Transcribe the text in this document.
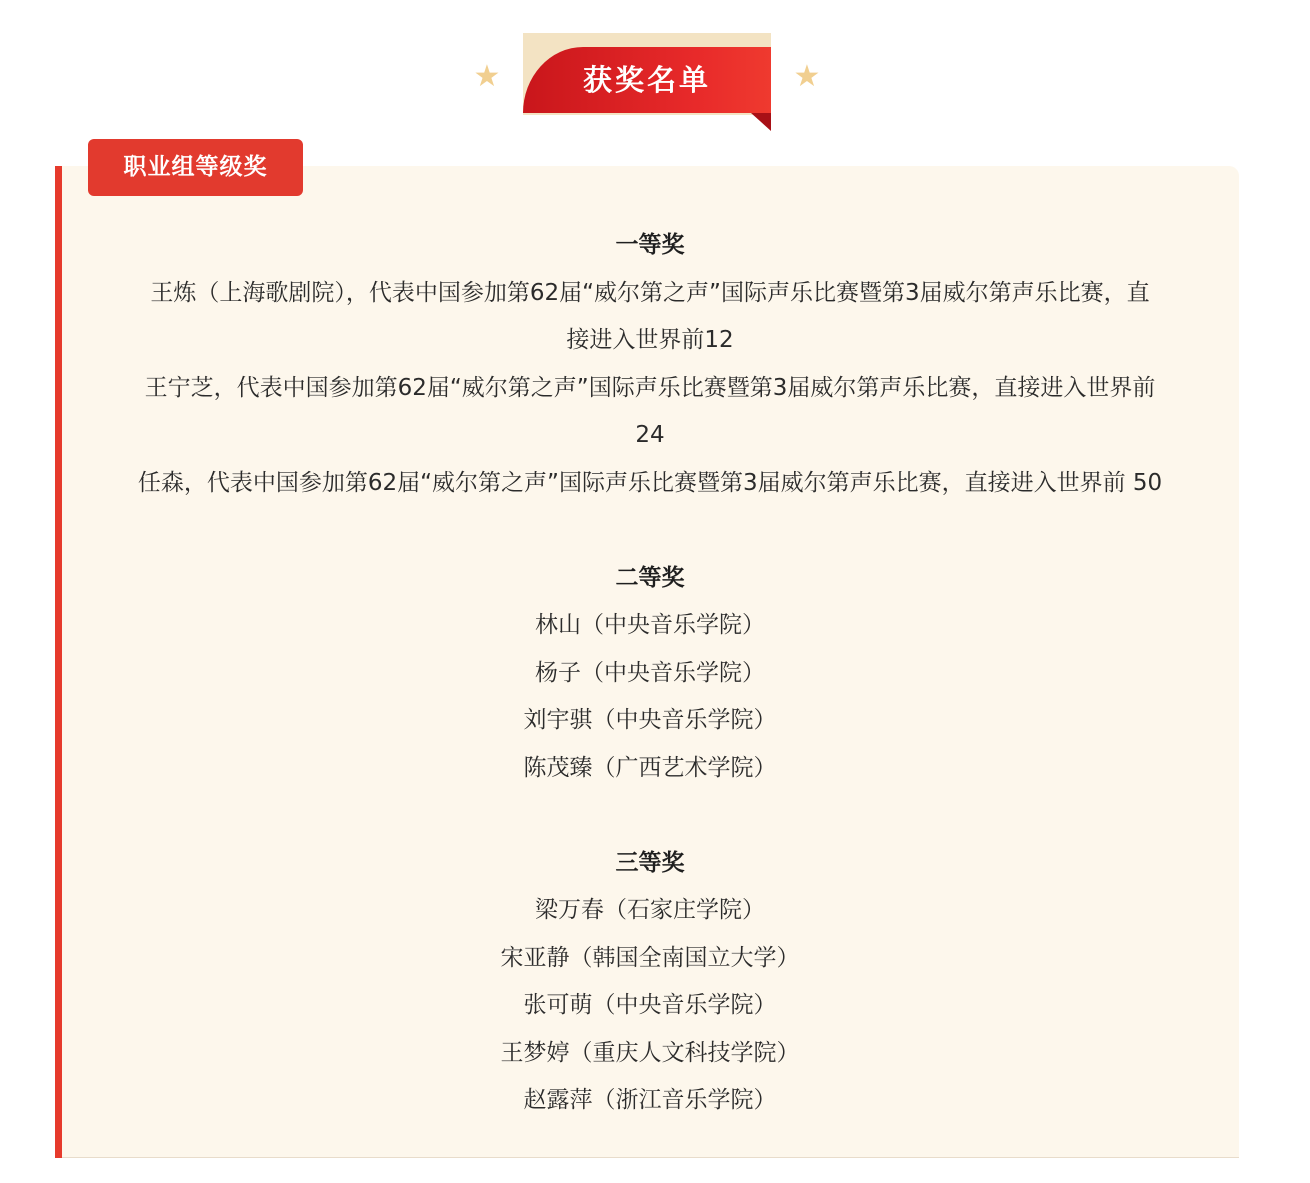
获奖名单
★	★
职业组等级奖
一等奖
王炼（上海歌剧院），代表中国参加第62届“威尔第之声”国际声乐比赛暨第3届威尔第声乐比赛，直
接进入世界前12
王宁芝，代表中国参加第62届“威尔第之声”国际声乐比赛暨第3届威尔第声乐比赛，直接进入世界前
24
任森，代表中国参加第62届“威尔第之声”国际声乐比赛暨第3届威尔第声乐比赛，直接进入世界前 50
二等奖
林山（中央音乐学院）
杨子（中央音乐学院）
刘宇骐（中央音乐学院）
陈茂臻（广西艺术学院）
三等奖
梁万春（石家庄学院）
宋亚静（韩国全南国立大学）
张可萌（中央音乐学院）
王梦婷（重庆人文科技学院）
赵露萍（浙江音乐学院）
